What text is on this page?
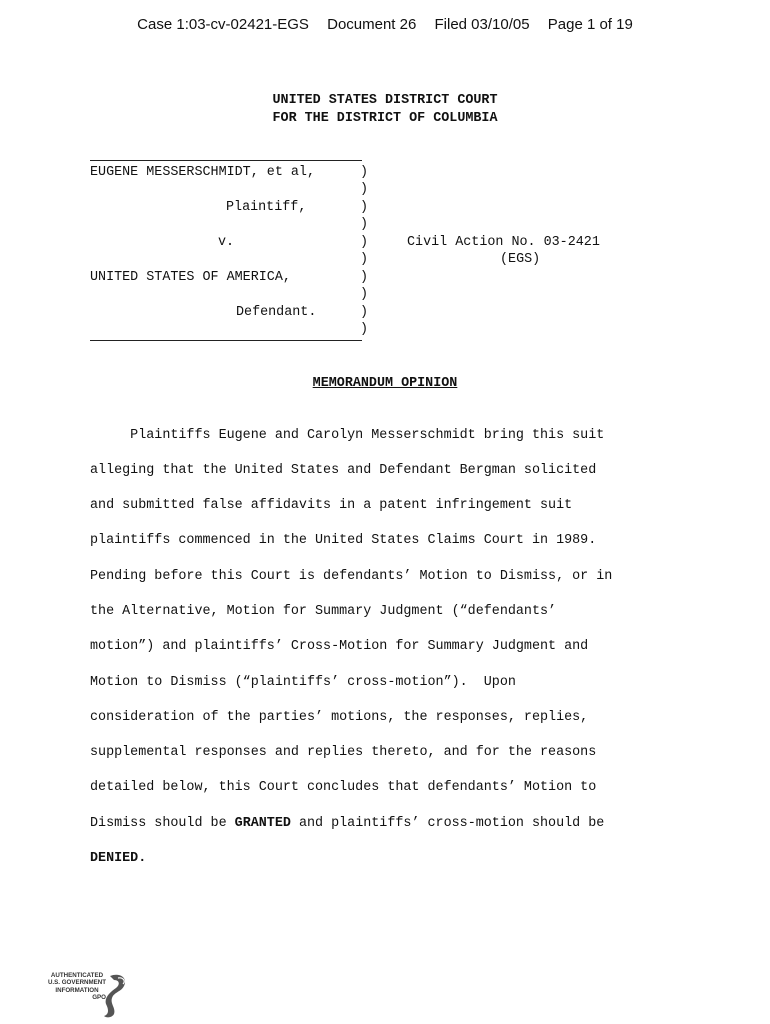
Case 1:03-cv-02421-EGS Document 26 Filed 03/10/05 Page 1 of 19
UNITED STATES DISTRICT COURT
FOR THE DISTRICT OF COLUMBIA
EUGENE MESSERSCHMIDT, et al,
Plaintiff,
v.
UNITED STATES OF AMERICA,
Defendant.
)
)
)
)
)
)
)
)
)
)
Civil Action No. 03-2421
(EGS)
MEMORANDUM OPINION
Plaintiffs Eugene and Carolyn Messerschmidt bring this suit
alleging that the United States and Defendant Bergman solicited
and submitted false affidavits in a patent infringement suit
plaintiffs commenced in the United States Claims Court in 1989.
Pending before this Court is defendants’ Motion to Dismiss, or in
the Alternative, Motion for Summary Judgment (“defendants’
motion”) and plaintiffs’ Cross-Motion for Summary Judgment and
Motion to Dismiss (“plaintiffs’ cross-motion”).  Upon
consideration of the parties’ motions, the responses, replies,
supplemental responses and replies thereto, and for the reasons
detailed below, this Court concludes that defendants’ Motion to
Dismiss should be GRANTED and plaintiffs’ cross-motion should be
DENIED.
AUTHENTICATED
U.S. GOVERNMENT
INFORMATION
GPO
